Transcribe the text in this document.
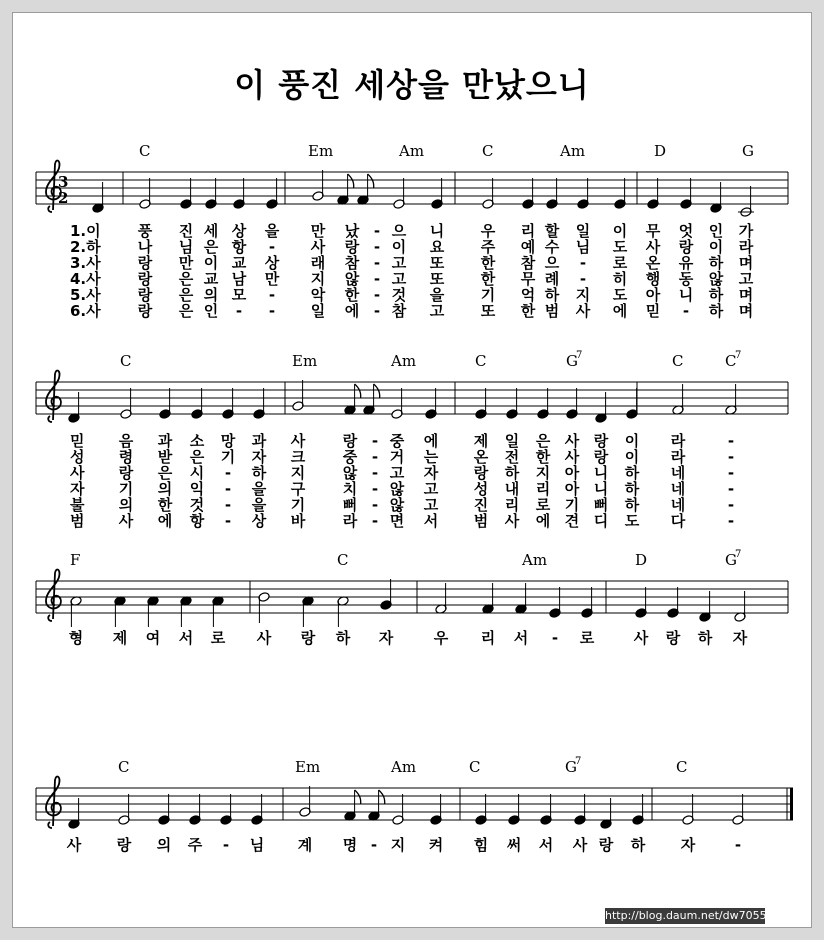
이 풍진 세상을 만났으니
3
2
C	Em	Am	C	Am	D	G
1.이 풍 진 세 상 을 만 났 - 으 니 우 리 할 일 이 무 엇 인 가
2.하 나 님 은 항 - 사 랑 - 이 요 주 예 수 님 도 사 랑 이 라
3.사 랑 만 이 교 상 래 참 - 고 또 한 참 으 - 로 온 유 하 며
4.사 랑 은 교 남 만 지 않 - 고 또 한 무 례 - 히 행 동 않 고
5.사 랑 은 의 모 - 악 한 - 것 을 기 억 하 지 도 아 니 하 며
6.사 랑 은 인 - - 일 에 - 참 고 또 한 범 사 에 믿 - 하 며
C	Em	Am	C	G
7	C	C
7
믿 음 과 소 망 과 사	랑 - 중 에 제 일 은 사 랑 이 라	-
성 령 받 은 기 자 크	중 - 거 는 온 전 한 사 랑 이 라	-
사 랑 은 시 - 하 지	않 - 고 자 랑 하 지 아 니 하 네	-
자 기 의 익 - 을 구	치 - 않 고 성 내 리 아 니 하 네	-
불 의 한 것 - 을 기	뻐 - 않 고 진 리 로 기 뻐 하 네	-
범 사 에 항 - 상 바	라 - 면 서 범 사 에 견 디 도 다	-
F	C	Am	D	G
7
형 제 여 서 로 사 랑 하 자	우 리 서 - 로	사 랑 하 자
C	Em	Am	C	G
7	C
사 랑 의 주 - 님 계 명 - 지 켜 힘 써 서 사 랑 하 자	-
http://blog.daum.net/dw7055
